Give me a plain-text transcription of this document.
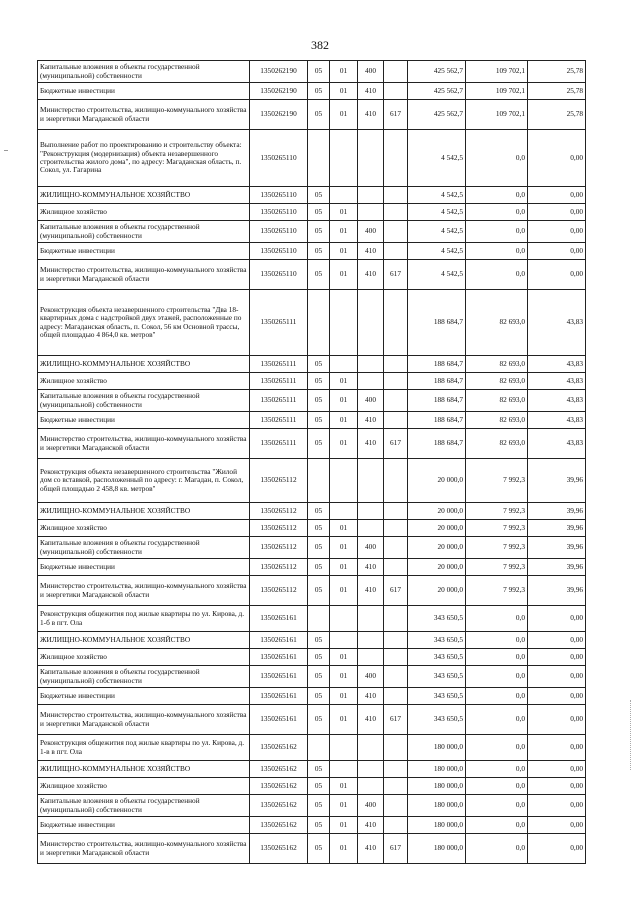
382
Капитальные вложения в объекты государственной (муниципальной) собственности	1350262190	05	01	400		425 562,7	109 702,1	25,78
Бюджетные инвестиции	1350262190	05	01	410		425 562,7	109 702,1	25,78
Министерство строительства, жилищно-коммунального хозяйства и энергетики Магаданской области	1350262190	05	01	410	617	425 562,7	109 702,1	25,78
Выполнение работ по проектированию и строительству объекта: "Реконструкция (модернизация) объекта незавершенного строительства жилого дома", по адресу: Магаданская область, п. Сокол, ул. Гагарина	1350265110					4 542,5	0,0	0,00
ЖИЛИЩНО-КОММУНАЛЬНОЕ ХОЗЯЙСТВО	1350265110	05				4 542,5	0,0	0,00
Жилищное хозяйство	1350265110	05	01			4 542,5	0,0	0,00
Капитальные вложения в объекты государственной (муниципальной) собственности	1350265110	05	01	400		4 542,5	0,0	0,00
Бюджетные инвестиции	1350265110	05	01	410		4 542,5	0,0	0,00
Министерство строительства, жилищно-коммунального хозяйства и энергетики Магаданской области	1350265110	05	01	410	617	4 542,5	0,0	0,00
Реконструкция объекта незавершенного строительства "Два 18-квартирных дома с надстройкой двух этажей, расположенные по адресу: Магаданская область, п. Сокол, 56 км Основной трассы, общей площадью 4 864,0 кв. метров"	1350265111					188 684,7	82 693,0	43,83
ЖИЛИЩНО-КОММУНАЛЬНОЕ ХОЗЯЙСТВО	1350265111	05				188 684,7	82 693,0	43,83
Жилищное хозяйство	1350265111	05	01			188 684,7	82 693,0	43,83
Капитальные вложения в объекты государственной (муниципальной) собственности	1350265111	05	01	400		188 684,7	82 693,0	43,83
Бюджетные инвестиции	1350265111	05	01	410		188 684,7	82 693,0	43,83
Министерство строительства, жилищно-коммунального хозяйства и энергетики Магаданской области	1350265111	05	01	410	617	188 684,7	82 693,0	43,83
Реконструкция объекта незавершенного строительства "Жилой дом со вставкой, расположенный по адресу: г. Магадан, п. Сокол, общей площадью 2 458,8 кв. метров"	1350265112					20 000,0	7 992,3	39,96
ЖИЛИЩНО-КОММУНАЛЬНОЕ ХОЗЯЙСТВО	1350265112	05				20 000,0	7 992,3	39,96
Жилищное хозяйство	1350265112	05	01			20 000,0	7 992,3	39,96
Капитальные вложения в объекты государственной (муниципальной) собственности	1350265112	05	01	400		20 000,0	7 992,3	39,96
Бюджетные инвестиции	1350265112	05	01	410		20 000,0	7 992,3	39,96
Министерство строительства, жилищно-коммунального хозяйства и энергетики Магаданской области	1350265112	05	01	410	617	20 000,0	7 992,3	39,96
Реконструкция общежития под жилые квартиры по ул. Кирова, д. 1-б в пгт. Ола	1350265161					343 650,5	0,0	0,00
ЖИЛИЩНО-КОММУНАЛЬНОЕ ХОЗЯЙСТВО	1350265161	05				343 650,5	0,0	0,00
Жилищное хозяйство	1350265161	05	01			343 650,5	0,0	0,00
Капитальные вложения в объекты государственной (муниципальной) собственности	1350265161	05	01	400		343 650,5	0,0	0,00
Бюджетные инвестиции	1350265161	05	01	410		343 650,5	0,0	0,00
Министерство строительства, жилищно-коммунального хозяйства и энергетики Магаданской области	1350265161	05	01	410	617	343 650,5	0,0	0,00
Реконструкция общежития под жилые квартиры по ул. Кирова, д. 1-в в пгт. Ола	1350265162					180 000,0	0,0	0,00
ЖИЛИЩНО-КОММУНАЛЬНОЕ ХОЗЯЙСТВО	1350265162	05				180 000,0	0,0	0,00
Жилищное хозяйство	1350265162	05	01			180 000,0	0,0	0,00
Капитальные вложения в объекты государственной (муниципальной) собственности	1350265162	05	01	400		180 000,0	0,0	0,00
Бюджетные инвестиции	1350265162	05	01	410		180 000,0	0,0	0,00
Министерство строительства, жилищно-коммунального хозяйства и энергетики Магаданской области	1350265162	05	01	410	617	180 000,0	0,0	0,00
